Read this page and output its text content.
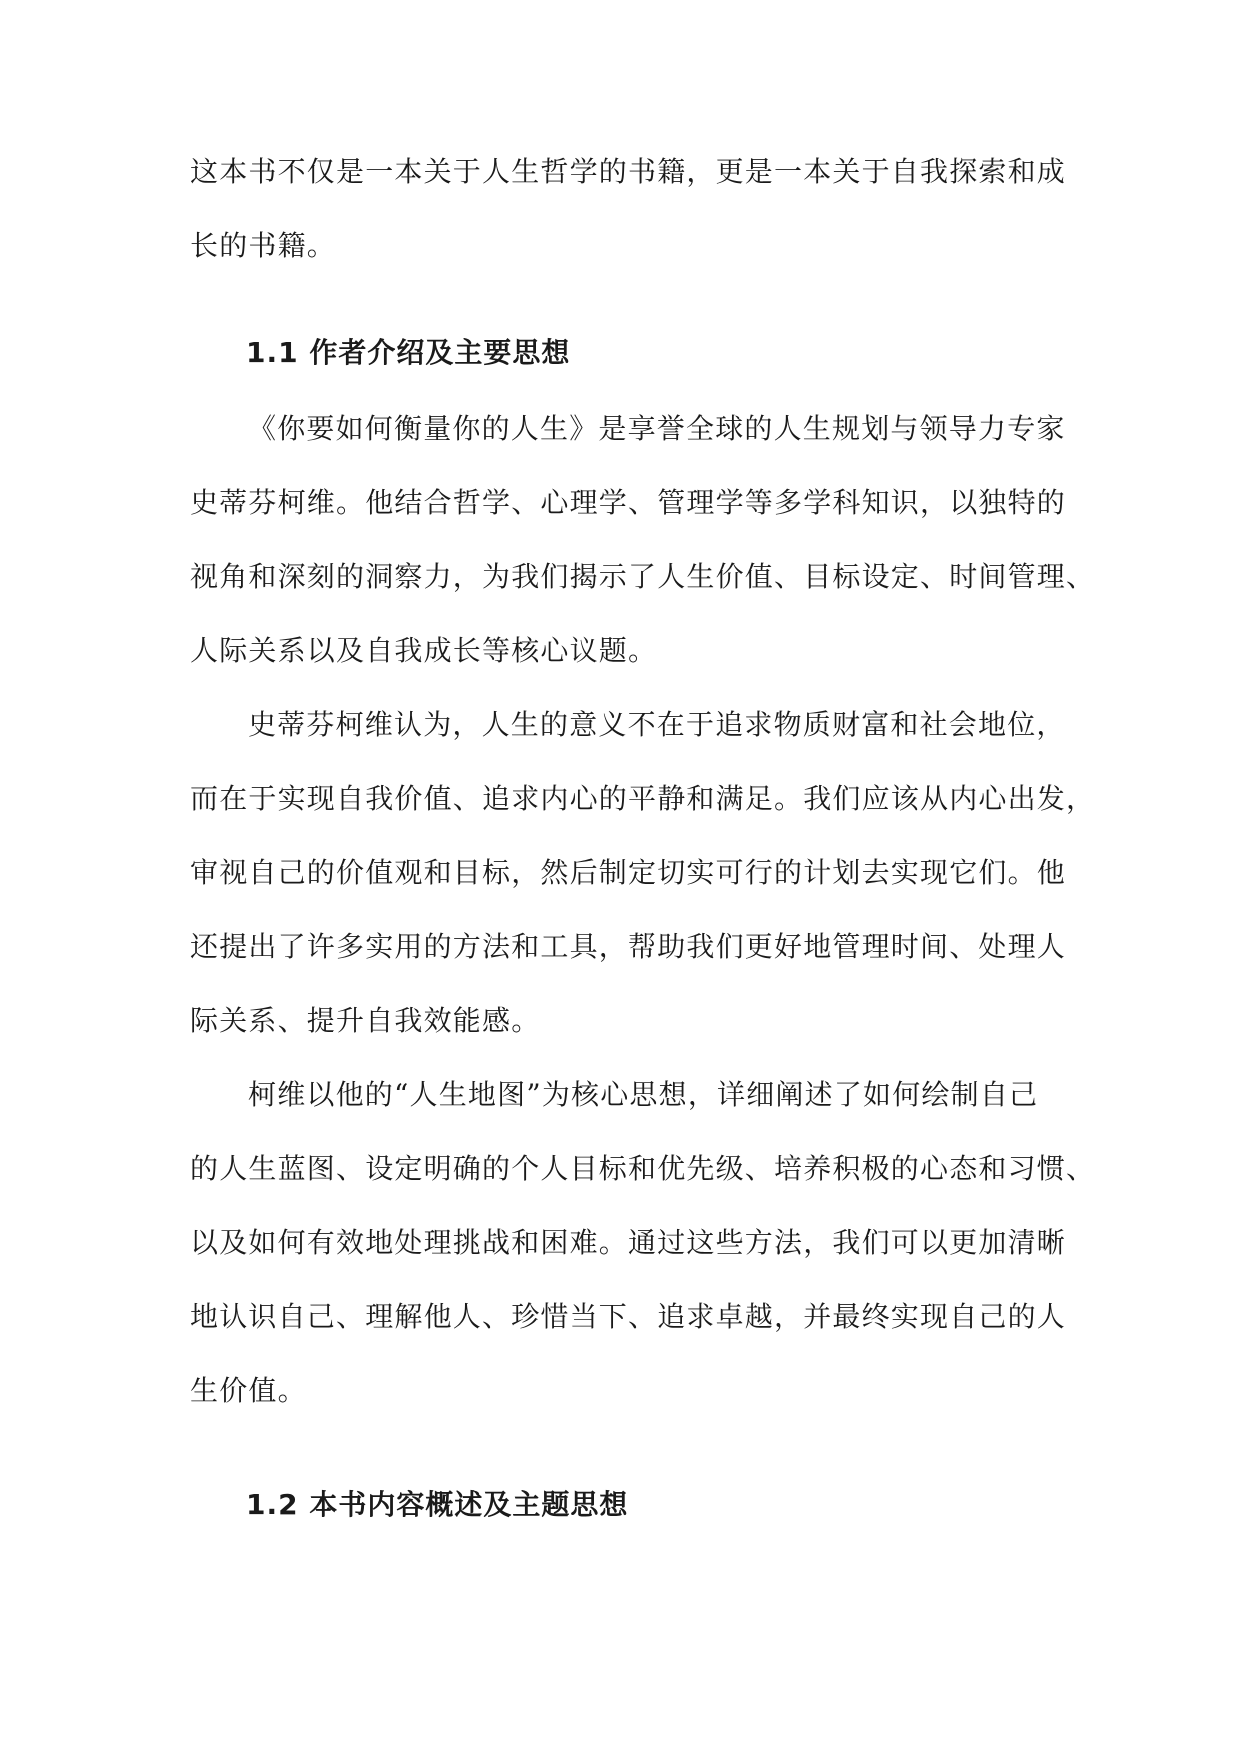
这本书不仅是一本关于人生哲学的书籍，更是一本关于自我探索和成
长的书籍。
1.1 作者介绍及主要思想
《你要如何衡量你的人生》是享誉全球的人生规划与领导力专家
史蒂芬柯维。他结合哲学、心理学、管理学等多学科知识，以独特的
视角和深刻的洞察力，为我们揭示了人生价值、目标设定、时间管理、
人际关系以及自我成长等核心议题。
史蒂芬柯维认为，人生的意义不在于追求物质财富和社会地位，
而在于实现自我价值、追求内心的平静和满足。我们应该从内心出发，
审视自己的价值观和目标，然后制定切实可行的计划去实现它们。他
还提出了许多实用的方法和工具，帮助我们更好地管理时间、处理人
际关系、提升自我效能感。
柯维以他的“人生地图”为核心思想，详细阐述了如何绘制自己
的人生蓝图、设定明确的个人目标和优先级、培养积极的心态和习惯、
以及如何有效地处理挑战和困难。通过这些方法，我们可以更加清晰
地认识自己、理解他人、珍惜当下、追求卓越，并最终实现自己的人
生价值。
1.2 本书内容概述及主题思想
